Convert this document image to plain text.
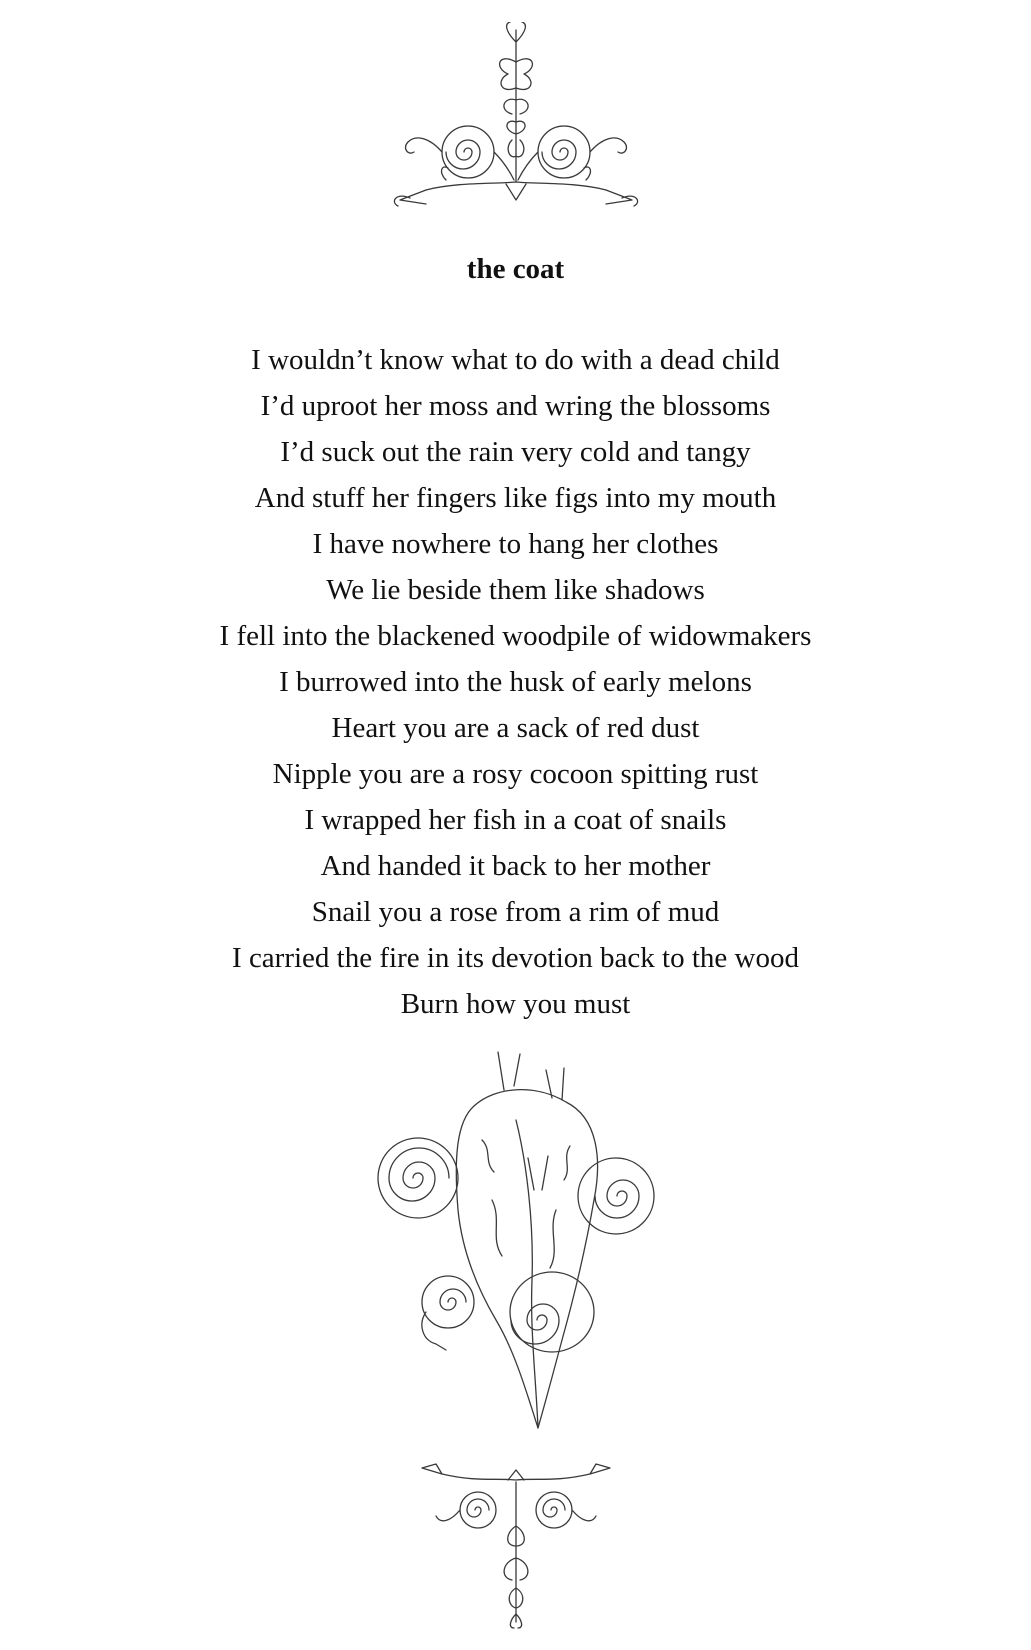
the coat
I wouldn’t know what to do with a dead child
I’d uproot her moss and wring the blossoms
I’d suck out the rain very cold and tangy
And stuff her fingers like figs into my mouth
I have nowhere to hang her clothes
We lie beside them like shadows
I fell into the blackened woodpile of widowmakers
I burrowed into the husk of early melons
Heart you are a sack of red dust
Nipple you are a rosy cocoon spitting rust
I wrapped her fish in a coat of snails
And handed it back to her mother
Snail you a rose from a rim of mud
I carried the fire in its devotion back to the wood
Burn how you must
